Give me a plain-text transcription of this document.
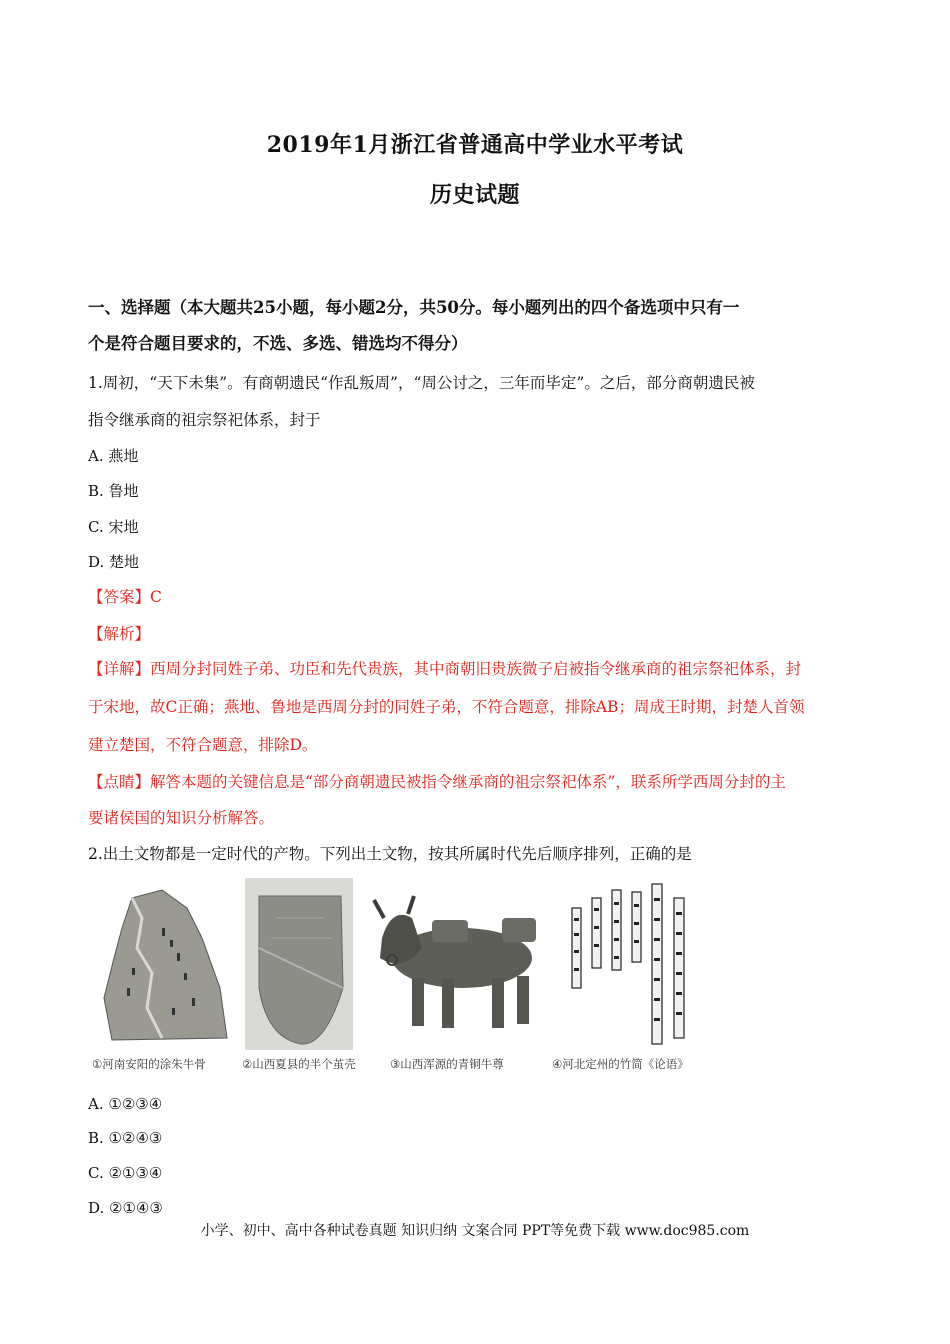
2019年1月浙江省普通高中学业水平考试
历史试题
一、选择题（本大题共25小题，每小题2分，共50分。每小题列出的四个备选项中只有一
个是符合题目要求的，不选、多选、错选均不得分）
1.周初，“天下未集”。有商朝遗民“作乱叛周”，“周公讨之，三年而毕定”。之后，部分商朝遗民被
指令继承商的祖宗祭祀体系，封于
A. 燕地
B. 鲁地
C. 宋地
D. 楚地
【答案】C
【解析】
【详解】西周分封同姓子弟、功臣和先代贵族，其中商朝旧贵族微子启被指令继承商的祖宗祭祀体系，封
于宋地，故C正确；燕地、鲁地是西周分封的同姓子弟，不符合题意，排除AB；周成王时期，封楚人首领
建立楚国，不符合题意，排除D。
【点睛】解答本题的关键信息是“部分商朝遗民被指令继承商的祖宗祭祀体系”，联系所学西周分封的主
要诸侯国的知识分析解答。
2.出土文物都是一定时代的产物。下列出土文物，按其所属时代先后顺序排列，正确的是
①河南安阳的涂朱牛骨	②山西夏县的半个茧壳	③山西浑源的青铜牛尊	④河北定州的竹简《论语》
A. ①②③④
B. ①②④③
C. ②①③④
D. ②①④③
小学、初中、高中各种试卷真题 知识归纳 文案合同 PPT等免费下载 www.doc985.com
